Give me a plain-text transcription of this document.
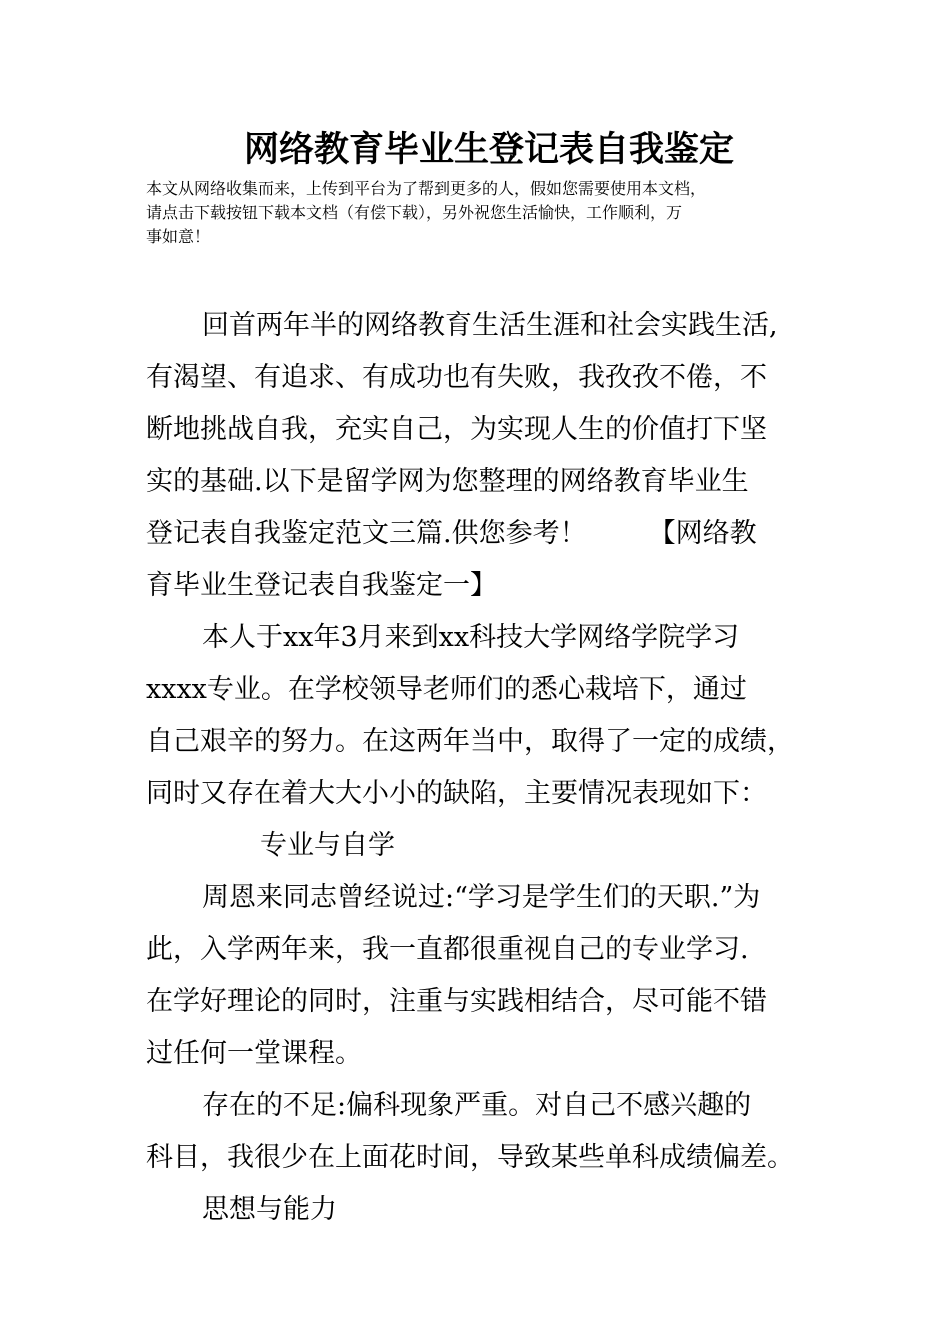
网络教育毕业生登记表自我鉴定
本文从网络收集而来，上传到平台为了帮到更多的人，假如您需要使用本文档，
请点击下载按钮下载本文档（有偿下载），另外祝您生活愉快，工作顺利，万
事如意！
回首两年半的网络教育生活生涯和社会实践生活,
有渴望、有追求、有成功也有失败，我孜孜不倦，不
断地挑战自我，充实自己，为实现人生的价值打下坚
实的基础.以下是留学网为您整理的网络教育毕业生
登记表自我鉴定范文三篇.供您参考！ 【网络教
育毕业生登记表自我鉴定一】
本人于xx年3月来到xx科技大学网络学院学习
xxxx专业。在学校领导老师们的悉心栽培下，通过
自己艰辛的努力。在这两年当中，取得了一定的成绩，
同时又存在着大大小小的缺陷，主要情况表现如下：
专业与自学
周恩来同志曾经说过:“学习是学生们的天职.”为
此，入学两年来，我一直都很重视自己的专业学习.
在学好理论的同时，注重与实践相结合，尽可能不错
过任何一堂课程。
存在的不足:偏科现象严重。对自己不感兴趣的
科目，我很少在上面花时间，导致某些单科成绩偏差。
思想与能力
